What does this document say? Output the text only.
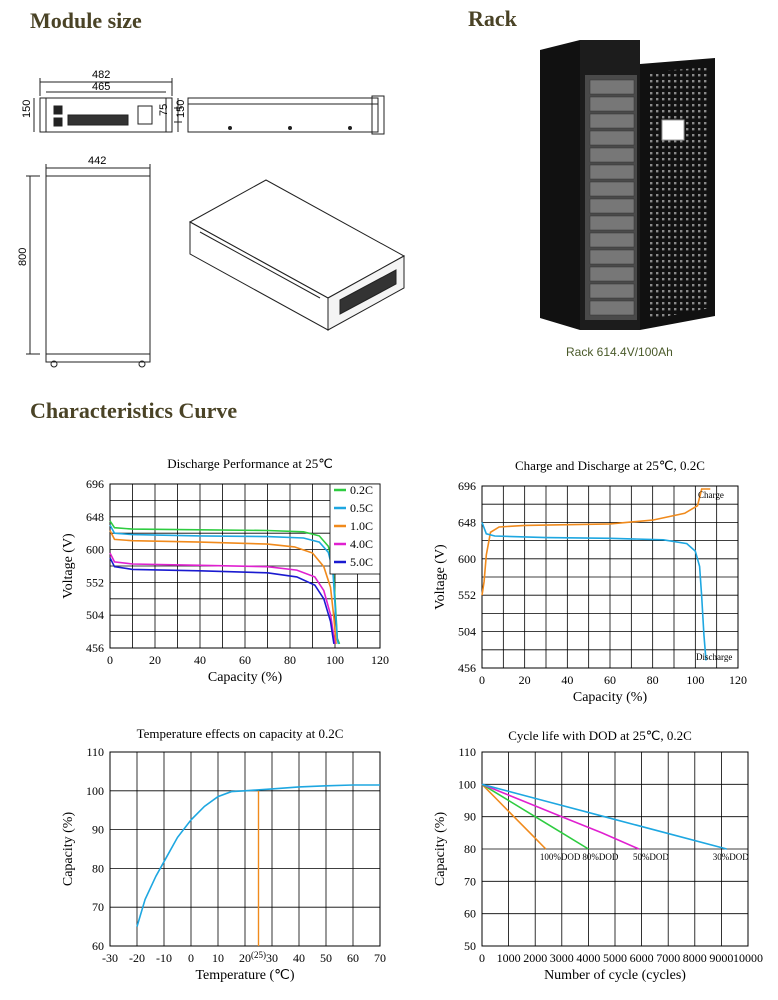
Module size	Rack
Characteristics Curve
Rack 614.4V/100Ah
482
465
150	75 150
442
800
Discharge Performance at 25℃
0	20	40	60	80	100 120
456
504
552
600
648
696
Capacity (%)
Voltage (V)
0.2C
0.5C
1.0C
4.0C
5.0C
Charge and Discharge at 25℃, 0.2C
0	20	40	60	80 100 120
456
504
552
600
648
696
Capacity (%)
Voltage (V)
Charge
Discharge
Temperature effects on capacity at 0.2C
-30 -20 -10 0 10 20 30 40 50 60 70
60
70
80
90
100
110
Temperature (℃)
Capacity (%)
(25)
Cycle life with DOD at 25℃, 0.2C
0 1000 2000 3000 4000 5000 6000 7000 8000 9000 10000
50
60
70
80
90
100
110
Number of cycle (cycles)
Capacity (%)	100%DOD 80%DOD 50%DOD	30%DOD
